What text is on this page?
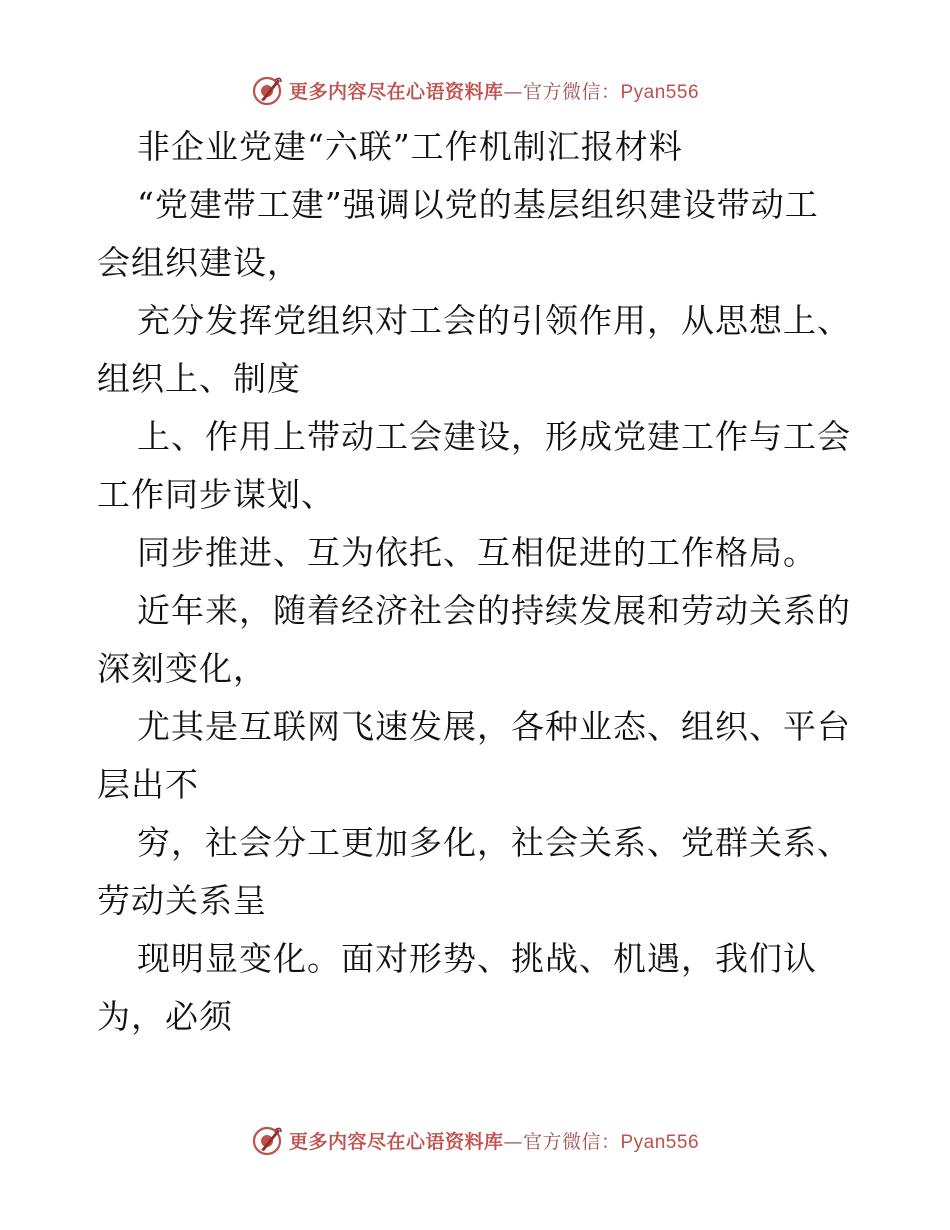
更多内容尽在心语资料库—官方微信：Pyan556
非企业党建“六联”工作机制汇报材料
“党建带工建”强调以党的基层组织建设带动工
会组织建设，
充分发挥党组织对工会的引领作用，从思想上、
组织上、制度
上、作用上带动工会建设，形成党建工作与工会
工作同步谋划、
同步推进、互为依托、互相促进的工作格局。
近年来，随着经济社会的持续发展和劳动关系的
深刻变化，
尤其是互联网飞速发展，各种业态、组织、平台
层出不
穷，社会分工更加多化，社会关系、党群关系、
劳动关系呈
现明显变化。面对形势、挑战、机遇，我们认
为，必须
更多内容尽在心语资料库—官方微信：Pyan556
